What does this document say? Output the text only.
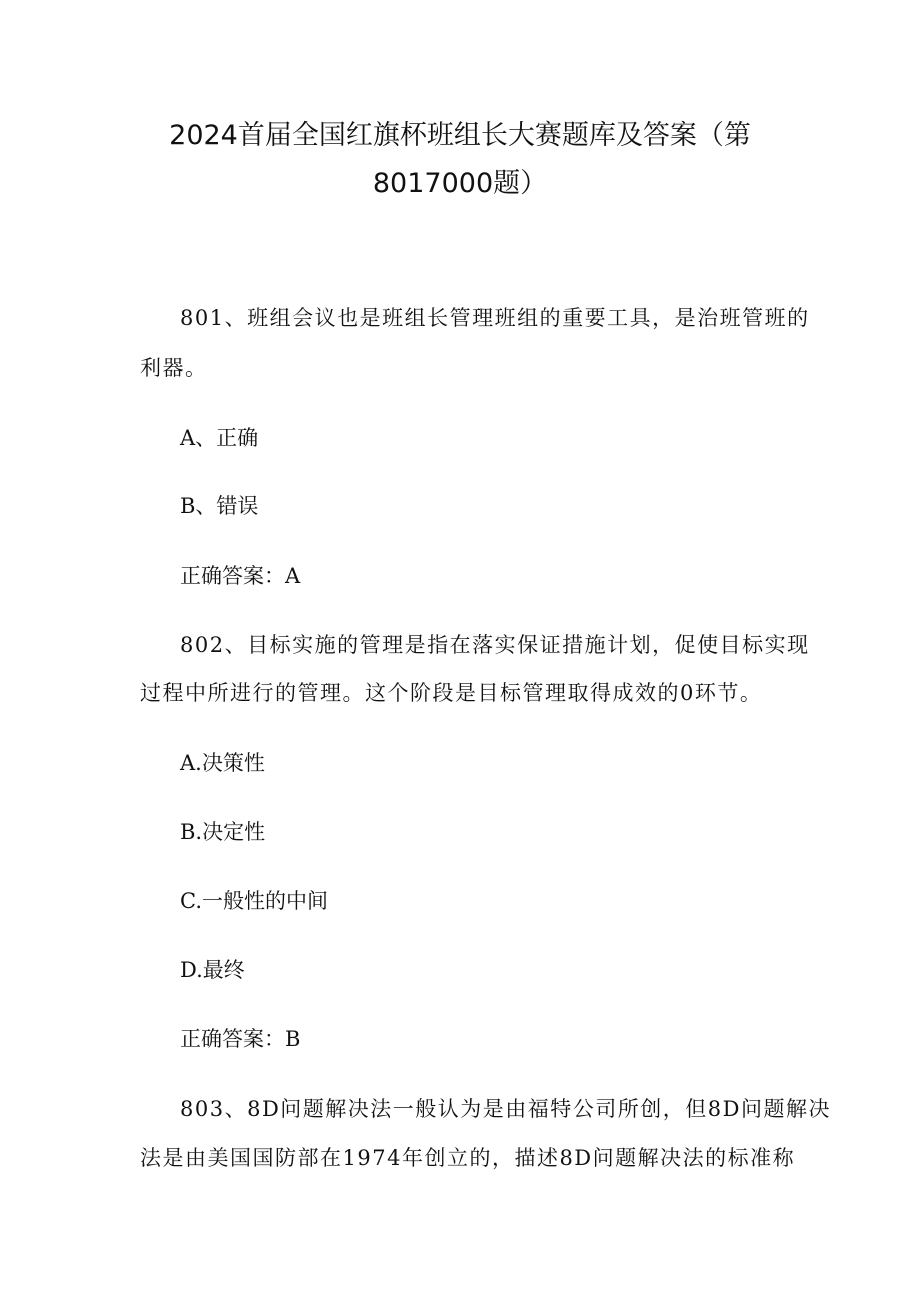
2024首届全国红旗杯班组长大赛题库及答案（第
8017000题）
801、班组会议也是班组长管理班组的重要工具，是治班管班的
利器。
A、正确
B、错误
正确答案：A
802、目标实施的管理是指在落实保证措施计划，促使目标实现
过程中所进行的管理。这个阶段是目标管理取得成效的0环节。
A.决策性
B.决定性
C.一般性的中间
D.最终
正确答案：B
803、8D问题解决法一般认为是由福特公司所创，但8D问题解决
法是由美国国防部在1974年创立的，描述8D问题解决法的标准称
